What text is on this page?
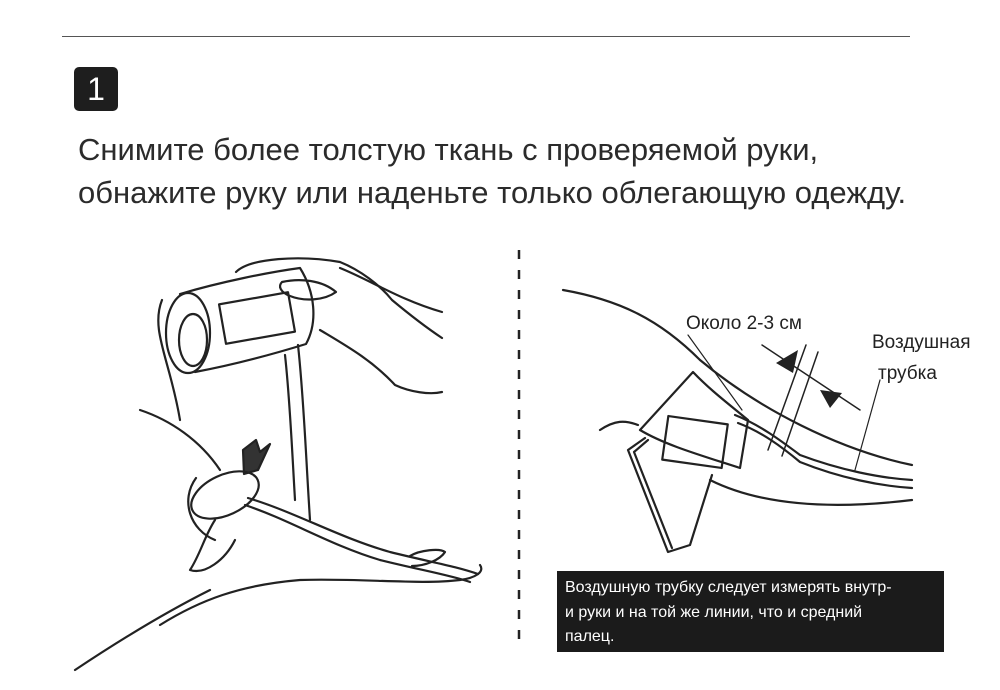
1
Снимите более толстую ткань с проверяемой руки,
обнажите руку или наденьте только облегающую одежду.
Около 2-3 см
Воздушная
трубка
Воздушную трубку следует измерять внутр-
и руки и на той же линии, что и средний
палец.
